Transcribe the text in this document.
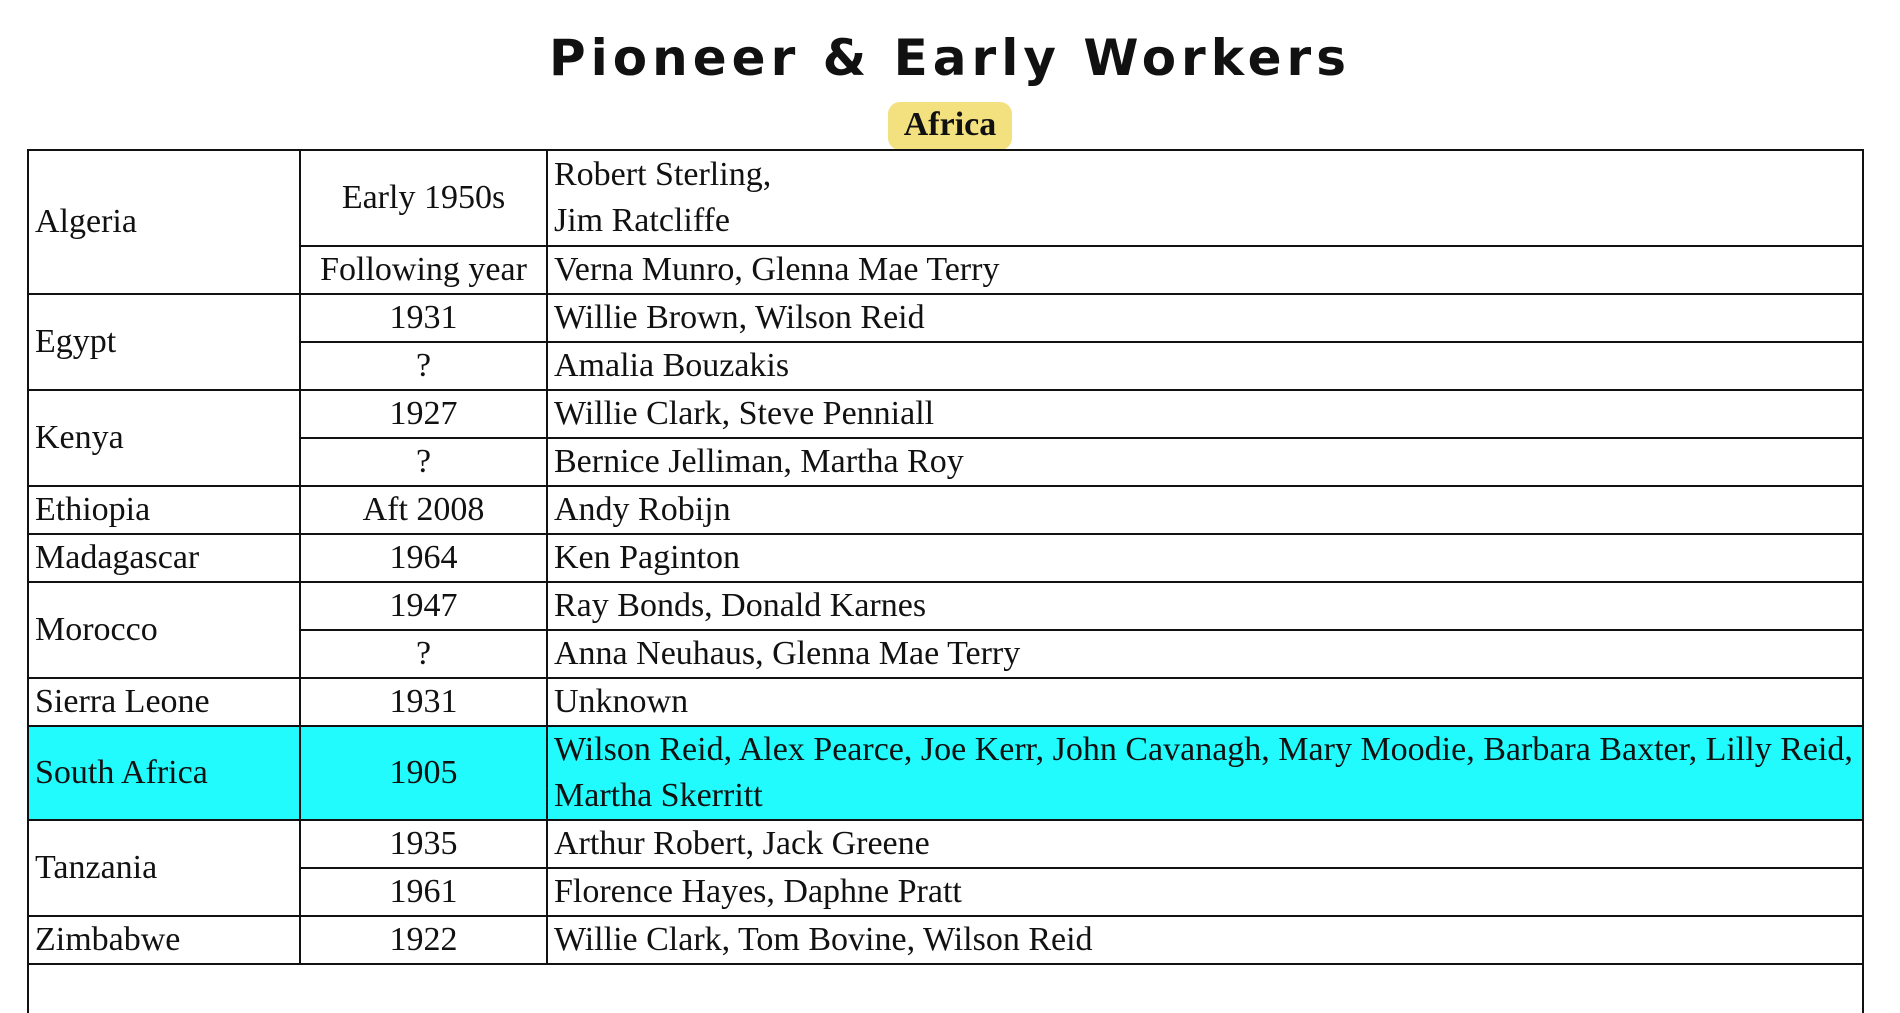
Pioneer & Early Workers
Africa
Algeria	Early 1950s	Robert Sterling,
Jim Ratcliffe
	Following year	Verna Munro, Glenna Mae Terry
Egypt	1931	Willie Brown, Wilson Reid
	?	Amalia Bouzakis
Kenya	1927	Willie Clark, Steve Penniall
	?	Bernice Jelliman, Martha Roy
Ethiopia	Aft 2008	Andy Robijn
Madagascar	1964	Ken Paginton
Morocco	1947	Ray Bonds, Donald Karnes
	?	Anna Neuhaus, Glenna Mae Terry
Sierra Leone	1931	Unknown
South Africa	1905	Wilson Reid, Alex Pearce, Joe Kerr, John Cavanagh, Mary Moodie, Barbara Baxter, Lilly Reid, Martha Skerritt
Tanzania	1935	Arthur Robert, Jack Greene
	1961	Florence Hayes, Daphne Pratt
Zimbabwe	1922	Willie Clark, Tom Bovine, Wilson Reid
